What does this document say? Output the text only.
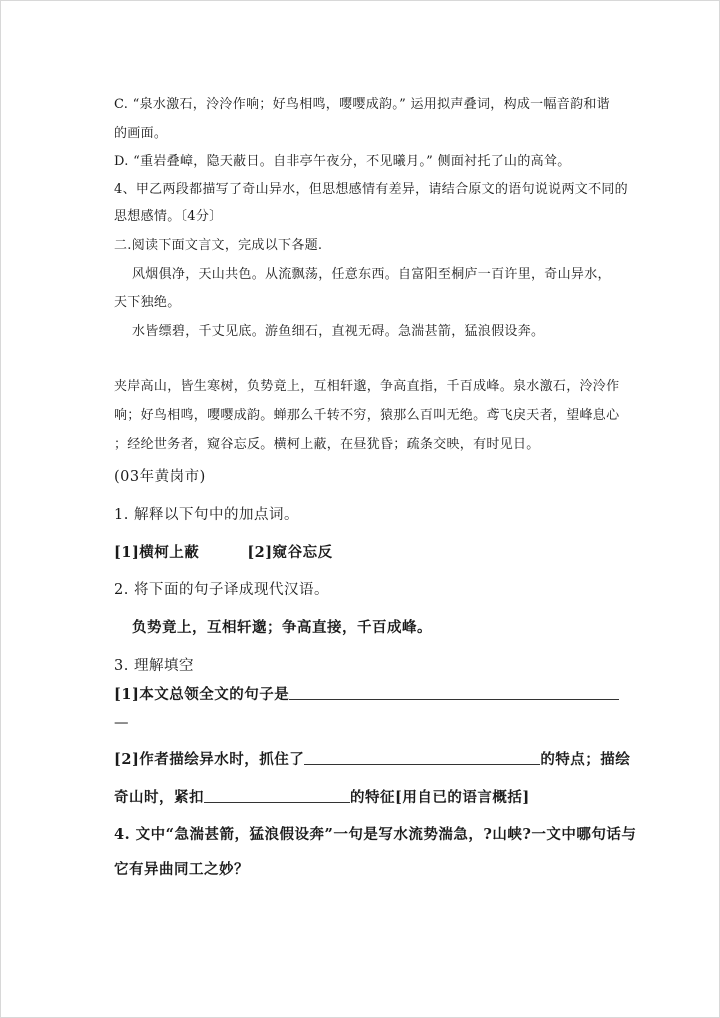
C. “泉水激石，泠泠作响；好鸟相鸣，嘤嘤成韵。” 运用拟声叠词，构成一幅音韵和谐
的画面。
D. “重岩叠嶂，隐天蔽日。自非亭午夜分，不见曦月。” 侧面衬托了山的高耸。
4、甲乙两段都描写了奇山异水，但思想感情有差异，请结合原文的语句说说两文不同的
思想感情。〔4分〕
二.阅读下面文言文，完成以下各题.
风烟俱净，天山共色。从流飘荡，任意东西。自富阳至桐庐一百许里，奇山异水，
天下独绝。
水皆缥碧，千丈见底。游鱼细石，直视无碍。急湍甚箭，猛浪假设奔。
夹岸高山，皆生寒树，负势竟上，互相轩邈，争高直指，千百成峰。泉水激石，泠泠作
响；好鸟相鸣，嘤嘤成韵。蝉那么千转不穷，猿那么百叫无绝。鸢飞戾天者，望峰息心
；经纶世务者，窥谷忘反。横柯上蔽，在昼犹昏；疏条交映，有时见日。
(03年黄岗市)
1. 解释以下句中的加点词。
[1]横柯上蔽	[2]窥谷忘反
2. 将下面的句子译成现代汉语。
负势竟上，互相轩邈；争高直接，千百成峰。
3. 理解填空
[1]本文总领全文的句子是
—
[2]作者描绘异水时，抓住了	的特点；描绘
奇山时，紧扣	的特征[用自已的语言概括]
4. 文中“急湍甚箭，猛浪假设奔”一句是写水流势湍急，?山峡?一文中哪句话与
它有异曲同工之妙？
